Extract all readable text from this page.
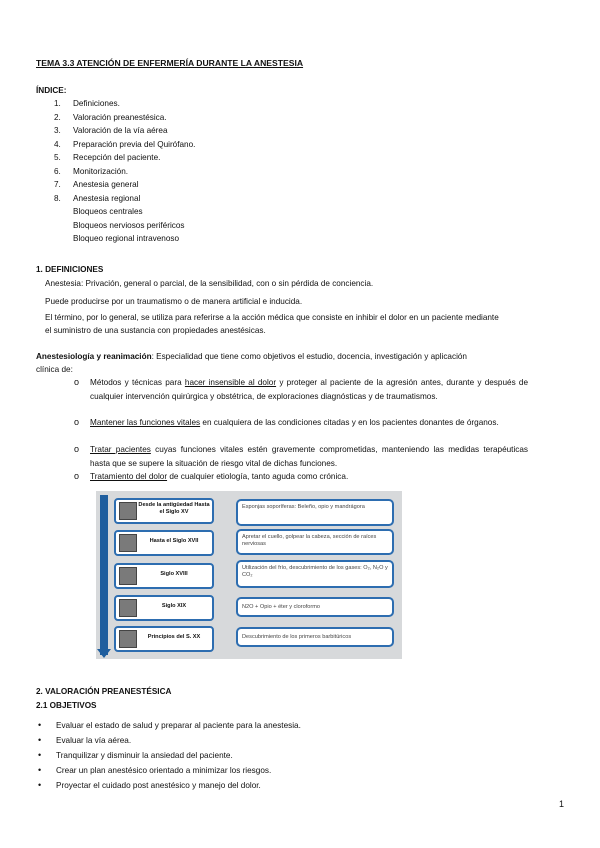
TEMA 3.3 ATENCIÓN DE ENFERMERÍA DURANTE LA ANESTESIA
ÍNDICE:
1. Definiciones.
2. Valoración preanestésica.
3. Valoración de la vía aérea
4. Preparación previa del Quirófano.
5. Recepción del paciente.
6. Monitorización.
7. Anestesia general
8. Anestesia regional
Bloqueos centrales
Bloqueos nerviosos periféricos
Bloqueo regional intravenoso
1. DEFINICIONES
Anestesia: Privación, general o parcial, de la sensibilidad, con o sin pérdida de conciencia.
Puede producirse por un traumatismo o de manera artificial e inducida.
El término, por lo general, se utiliza para referirse a la acción médica que consiste en inhibir el dolor en un paciente mediante
el suministro de una sustancia con propiedades anestésicas.
Anestesiología y reanimación: Especialidad que tiene como objetivos el estudio, docencia, investigación y aplicación
clínica de:
o Métodos y técnicas para hacer insensible al dolor y proteger al paciente de la agresión antes, durante y después de cualquier intervención quirúrgica y obstétrica, de exploraciones diagnósticas y de traumatismos.
o Mantener las funciones vitales en cualquiera de las condiciones citadas y en los pacientes donantes de órganos.
o Tratar pacientes cuyas funciones vitales estén gravemente comprometidas, manteniendo las medidas terapéuticas hasta que se supere la situación de riesgo vital de dichas funciones.
o Tratamiento del dolor de cualquier etiología, tanto aguda como crónica.
Desde la antigüedad Hasta el Siglo XV
Esponjas soporíferas: Beleño, opio y mandrágora
Hasta el Siglo XVII
Apretar el cuello, golpear la cabeza, sección de raíces nerviosas
Siglo XVIII
Utilización del frío, descubrimiento de los gases: O₂, N₂O y CO₂
Siglo XIX	N2O + Opio + éter y cloroformo
Principios del S. XX	Descubrimiento de los primeros barbitúricos
2. VALORACIÓN PREANESTÉSICA
2.1 OBJETIVOS
• Evaluar el estado de salud y preparar al paciente para la anestesia.
• Evaluar la vía aérea.
• Tranquilizar y disminuir la ansiedad del paciente.
• Crear un plan anestésico orientado a minimizar los riesgos.
• Proyectar el cuidado post anestésico y manejo del dolor.
1
